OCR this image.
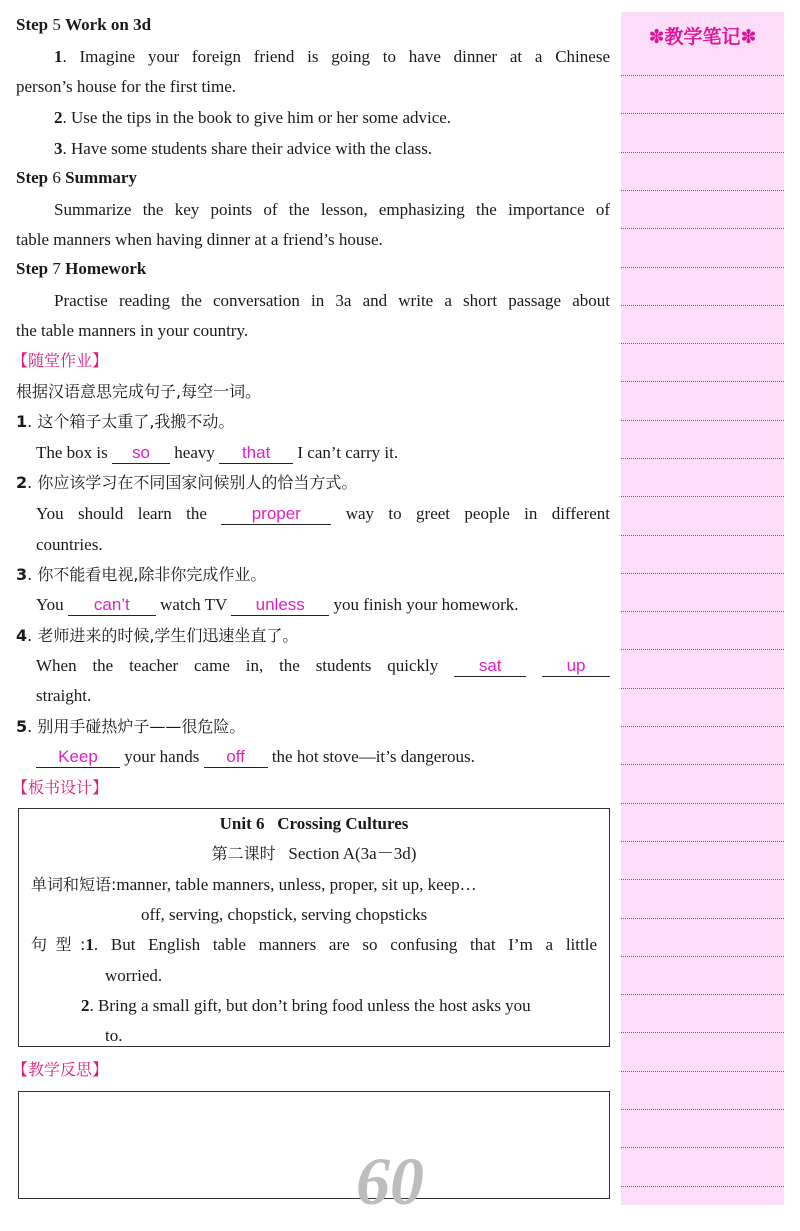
Step 5 Work on 3d
1. Imagine your foreign friend is going to have dinner at a Chinese
person’s house for the first time.
2. Use the tips in the book to give him or her some advice.
3. Have some students share their advice with the class.
Step 6 Summary
Summarize the key points of the lesson, emphasizing the importance of
table manners when having dinner at a friend’s house.
Step 7 Homework
Practise reading the conversation in 3a and write a short passage about
the table manners in your country.
【随堂作业】
根据汉语意思完成句子,每空一词。
1. 这个箱子太重了,我搬不动。
The box is so heavy that I can’t carry it.
2. 你应该学习在不同国家问候别人的恰当方式。
You should learn the	proper	way to greet people in different
countries.
3. 你不能看电视,除非你完成作业。
You can’t watch TV unless you finish your homework.
4. 老师进来的时候,学生们迅速坐直了。
When the teacher came in, the students quickly sat	up
straight.
5. 别用手碰热炉子——很危险。
Keep your hands off the hot stove—it’s dangerous.
【板书设计】
Unit 6 Crossing Cultures
第二课时 Section A(3a－3d)
单词和短语:manner, table manners, unless, proper, sit up, keep…
off, serving, chopstick, serving chopsticks
句型:1. But English table manners are so confusing that I’m a little
worried.
2. Bring a small gift, but don’t bring food unless the host asks you
to.
【教学反思】
60
✽教学笔记✽
